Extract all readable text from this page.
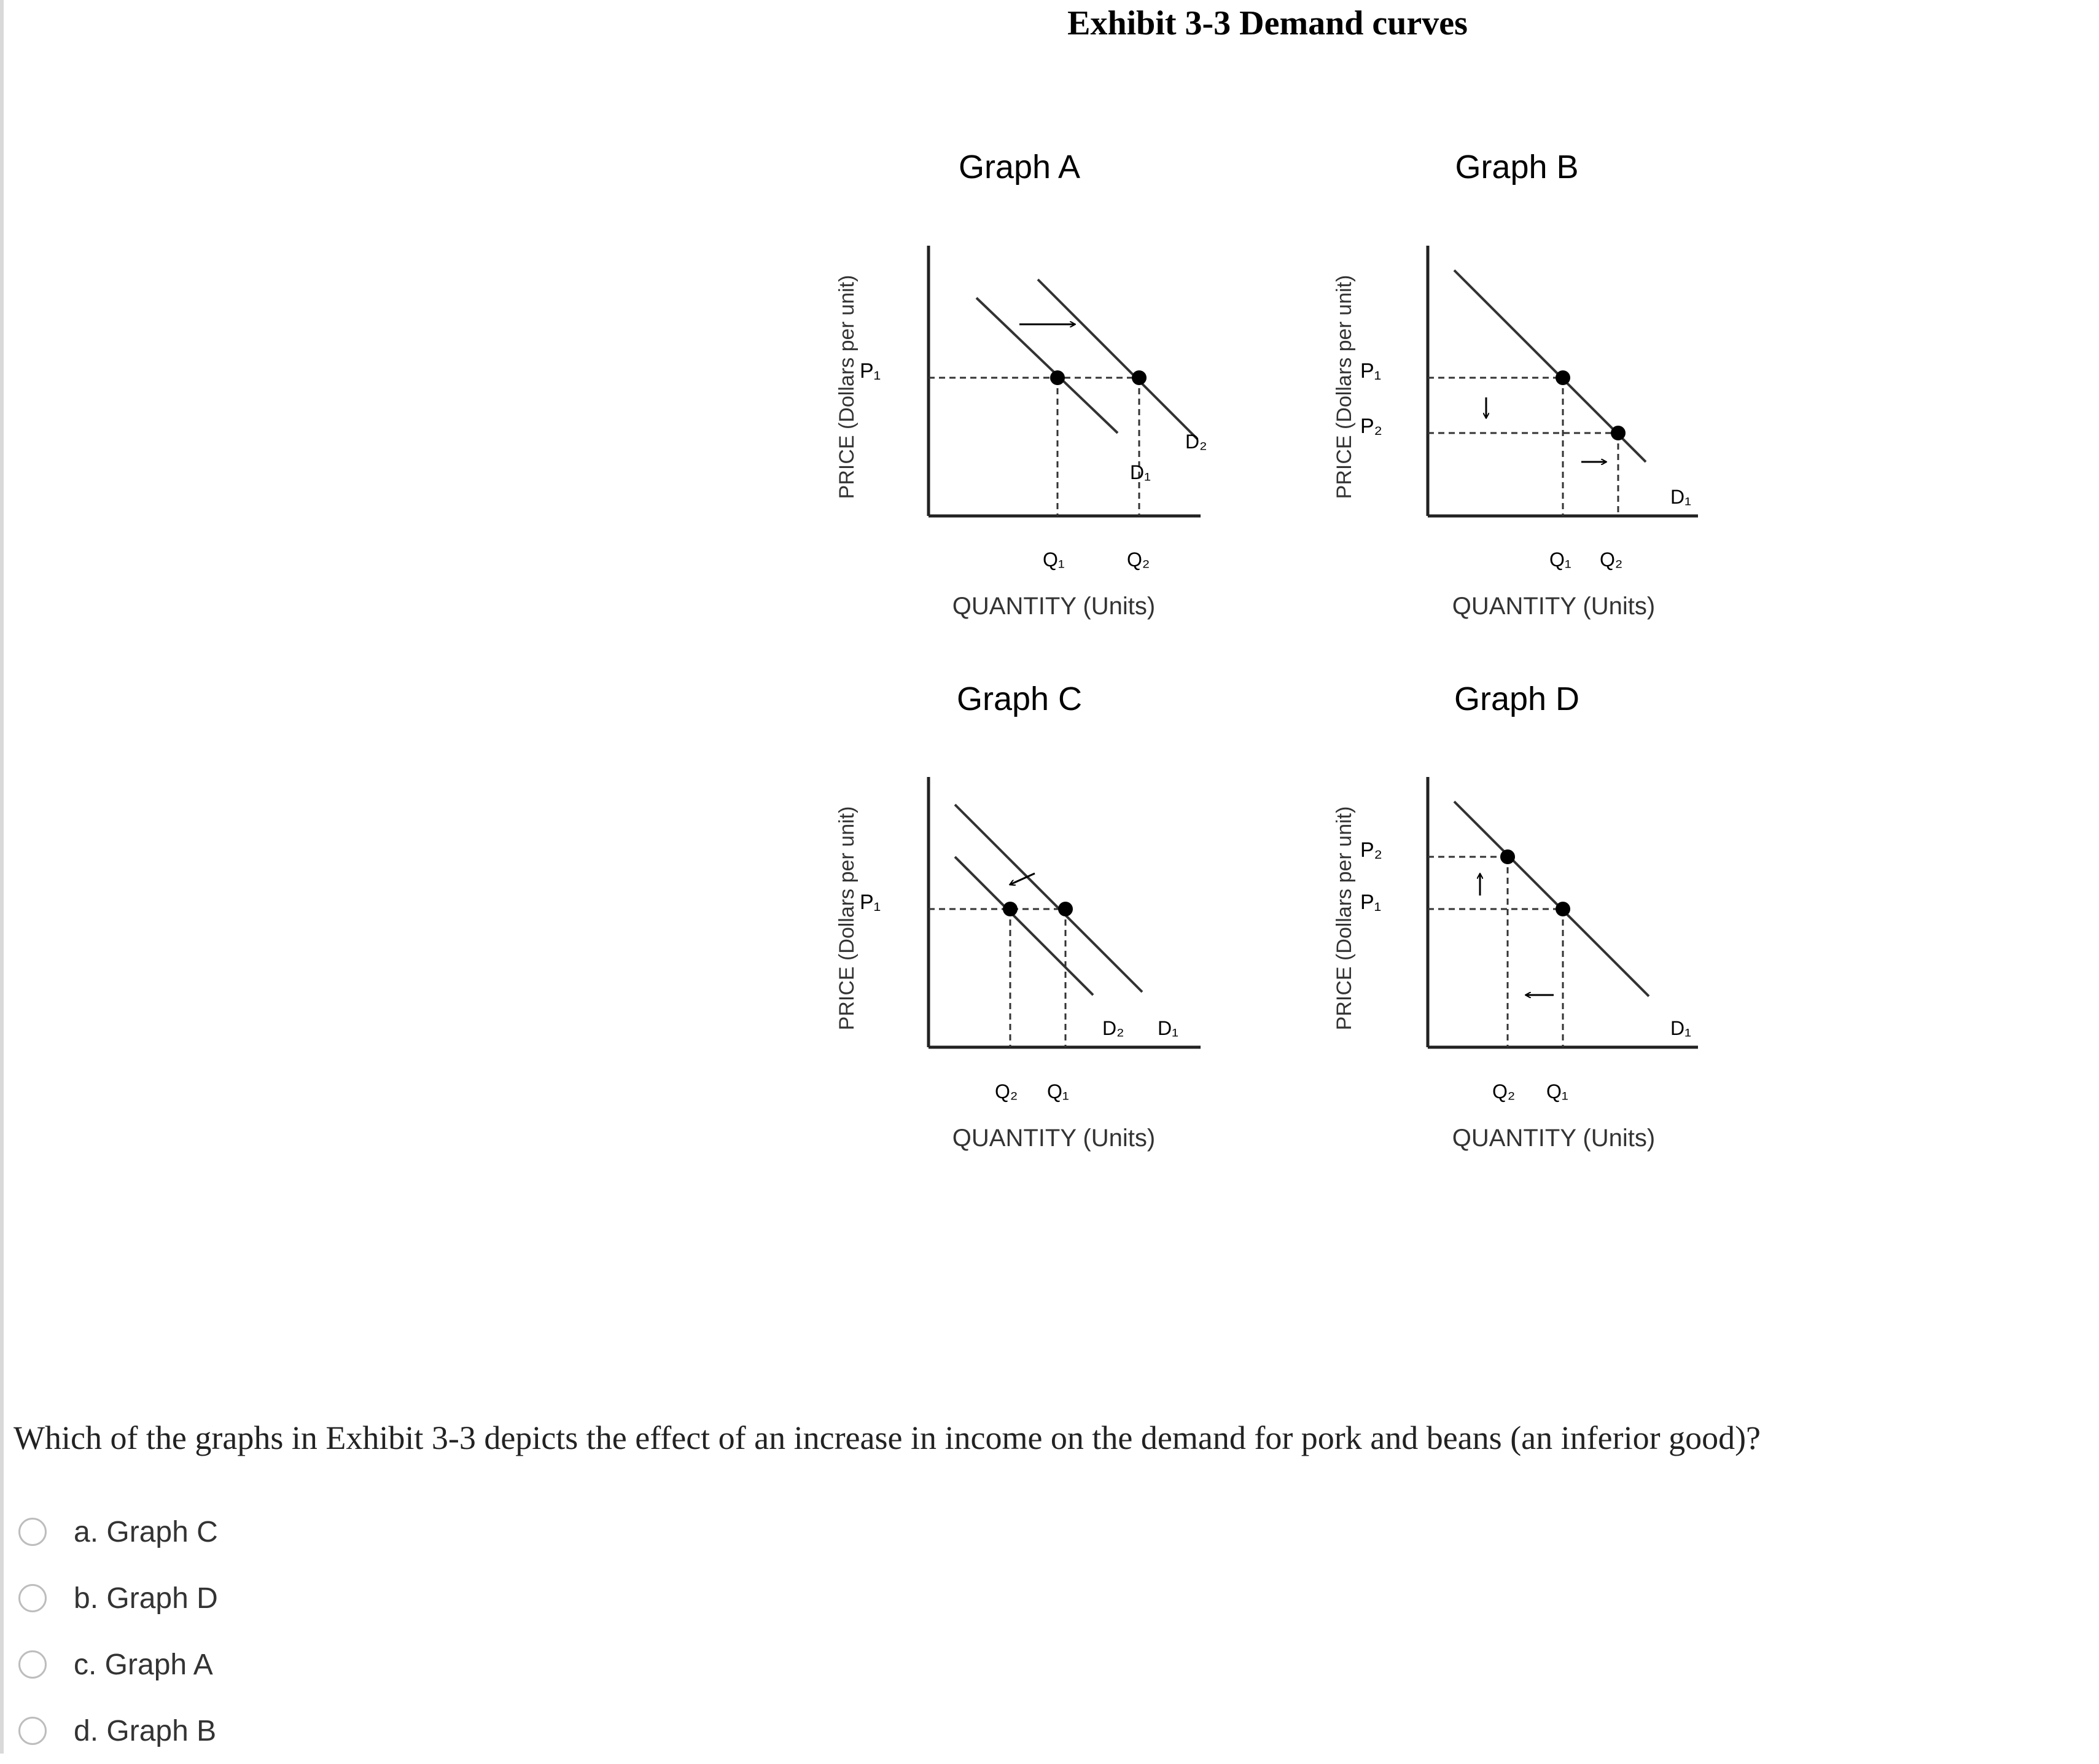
Exhibit 3-3 Demand curves
Graph A
PRICE (Dollars per unit) P₁
D₁
D₂
Q₁	Q₂
QUANTITY (Units)
Graph B
PRICE (Dollars per unit) P₁
P₂
D₁
Q₁ Q₂
QUANTITY (Units)
Graph C
PRICE (Dollars per unit) P₁
D₂ D₁
Q₂ Q₁
QUANTITY (Units)
Graph D
PRICE (Dollars per unit) P₂
P₁
D₁
Q₂ Q₁
QUANTITY (Units)
Which of the graphs in Exhibit 3-3 depicts the effect of an increase in income on the demand for pork and beans (an inferior good)?
a. Graph C
b. Graph D
c. Graph A
d. Graph B
